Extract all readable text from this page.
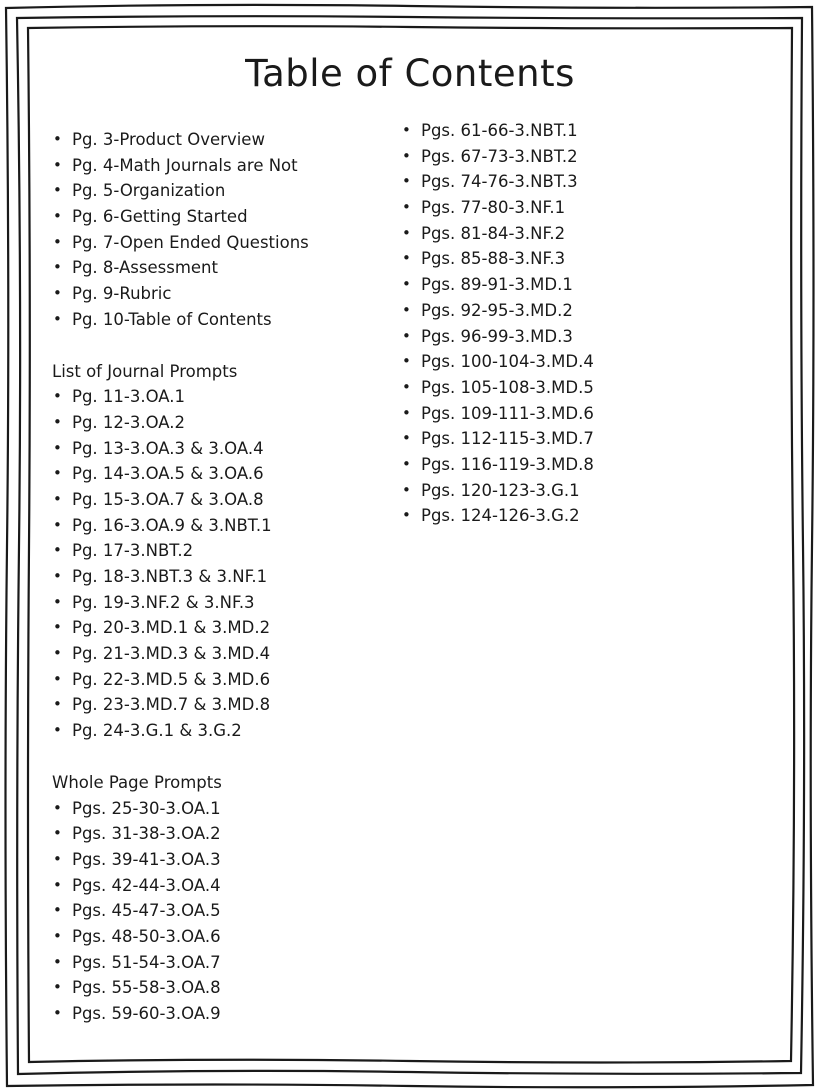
Table of Contents
• Pg. 3-Product Overview
• Pg. 4-Math Journals are Not
• Pg. 5-Organization
• Pg. 6-Getting Started
• Pg. 7-Open Ended Questions
• Pg. 8-Assessment
• Pg. 9-Rubric
• Pg. 10-Table of Contents
List of Journal Prompts
• Pg. 11-3.OA.1
• Pg. 12-3.OA.2
• Pg. 13-3.OA.3 & 3.OA.4
• Pg. 14-3.OA.5 & 3.OA.6
• Pg. 15-3.OA.7 & 3.OA.8
• Pg. 16-3.OA.9 & 3.NBT.1
• Pg. 17-3.NBT.2
• Pg. 18-3.NBT.3 & 3.NF.1
• Pg. 19-3.NF.2 & 3.NF.3
• Pg. 20-3.MD.1 & 3.MD.2
• Pg. 21-3.MD.3 & 3.MD.4
• Pg. 22-3.MD.5 & 3.MD.6
• Pg. 23-3.MD.7 & 3.MD.8
• Pg. 24-3.G.1 & 3.G.2
Whole Page Prompts
• Pgs. 25-30-3.OA.1
• Pgs. 31-38-3.OA.2
• Pgs. 39-41-3.OA.3
• Pgs. 42-44-3.OA.4
• Pgs. 45-47-3.OA.5
• Pgs. 48-50-3.OA.6
• Pgs. 51-54-3.OA.7
• Pgs. 55-58-3.OA.8
• Pgs. 59-60-3.OA.9
• Pgs. 61-66-3.NBT.1
• Pgs. 67-73-3.NBT.2
• Pgs. 74-76-3.NBT.3
• Pgs. 77-80-3.NF.1
• Pgs. 81-84-3.NF.2
• Pgs. 85-88-3.NF.3
• Pgs. 89-91-3.MD.1
• Pgs. 92-95-3.MD.2
• Pgs. 96-99-3.MD.3
• Pgs. 100-104-3.MD.4
• Pgs. 105-108-3.MD.5
• Pgs. 109-111-3.MD.6
• Pgs. 112-115-3.MD.7
• Pgs. 116-119-3.MD.8
• Pgs. 120-123-3.G.1
• Pgs. 124-126-3.G.2
